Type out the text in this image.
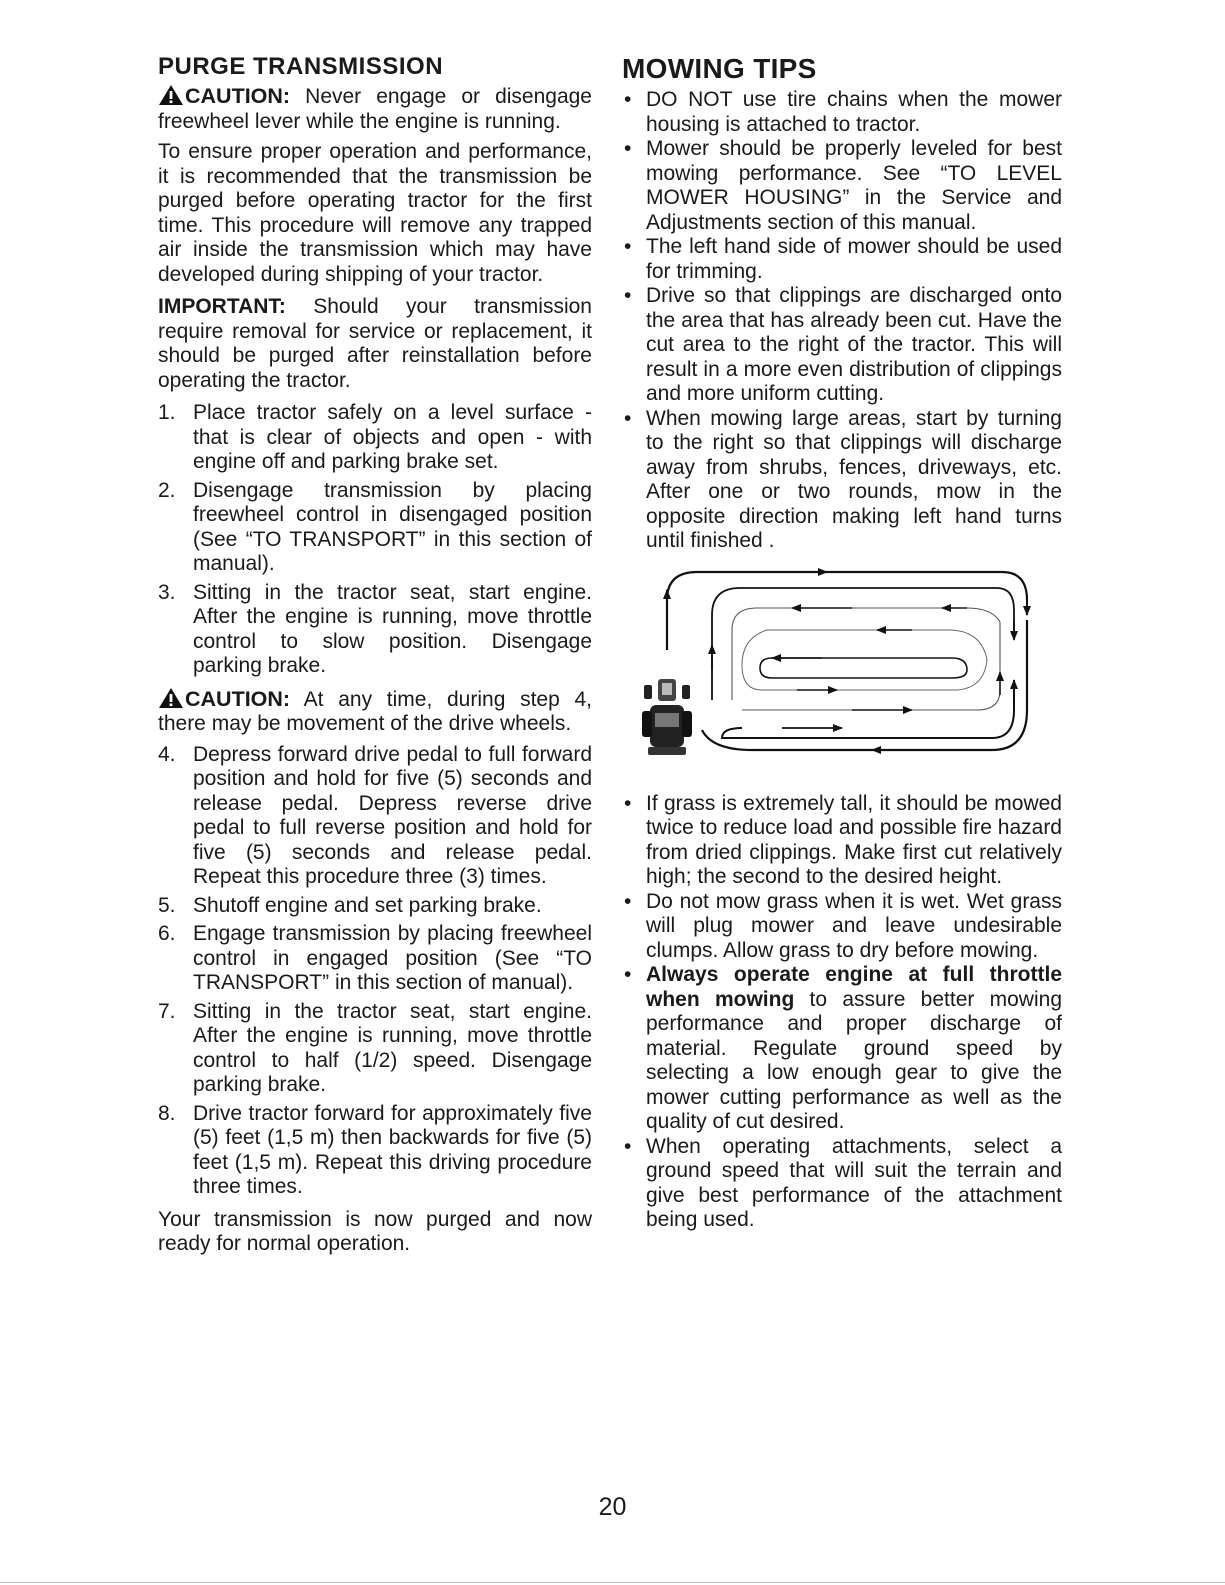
PURGE TRANSMISSION

CAUTION: Never engage or disengage freewheel lever while the engine is running.

To ensure proper operation and performance, it is recommended that the transmission be purged before operating tractor for the first time. This procedure will remove any trapped air inside the transmission which may have developed during shipping of your tractor.

IMPORTANT: Should your transmission require removal for service or replacement, it should be purged after reinstallation before operating the tractor.

1. Place tractor safely on a level surface - that is clear of objects and open - with engine off and parking brake set.
2. Disengage transmission by placing freewheel control in disengaged position (See “TO TRANSPORT” in this section of manual).
3. Sitting in the tractor seat, start engine. After the engine is running, move throttle control to slow position. Disengage parking brake.

CAUTION: At any time, during step 4, there may be movement of the drive wheels.

4. Depress forward drive pedal to full forward position and hold for five (5) seconds and release pedal. Depress reverse drive pedal to full reverse position and hold for five (5) seconds and release pedal. Repeat this procedure three (3) times.
5. Shutoff engine and set parking brake.
6. Engage transmission by placing freewheel control in engaged position (See “TO TRANSPORT” in this section of manual).
7. Sitting in the tractor seat, start engine. After the engine is running, move throttle control to half (1/2) speed. Disengage parking brake.
8. Drive tractor forward for approximately five (5) feet (1,5 m) then backwards for five (5) feet (1,5 m). Repeat this driving procedure three times.

Your transmission is now purged and now ready for normal operation.

MOWING TIPS
• DO NOT use tire chains when the mower housing is attached to tractor.
• Mower should be properly leveled for best mowing performance. See “TO LEVEL MOWER HOUSING” in the Service and Adjustments section of this manual.
• The left hand side of mower should be used for trimming.
• Drive so that clippings are discharged onto the area that has already been cut. Have the cut area to the right of the tractor. This will result in a more even distribution of clippings and more uniform cutting.
• When mowing large areas, start by turning to the right so that clippings will discharge away from shrubs, fences, driveways, etc. After one or two rounds, mow in the opposite direction making left hand turns until finished .
• If grass is extremely tall, it should be mowed twice to reduce load and possible fire hazard from dried clippings. Make first cut relatively high; the second to the desired height.
• Do not mow grass when it is wet. Wet grass will plug mower and leave undesirable clumps. Allow grass to dry before mowing.
• Always operate engine at full throttle when mowing to assure better mowing performance and proper discharge of material. Regulate ground speed by selecting a low enough gear to give the mower cutting performance as well as the quality of cut desired.
• When operating attachments, select a ground speed that will suit the terrain and give best performance of the attachment being used.
20
